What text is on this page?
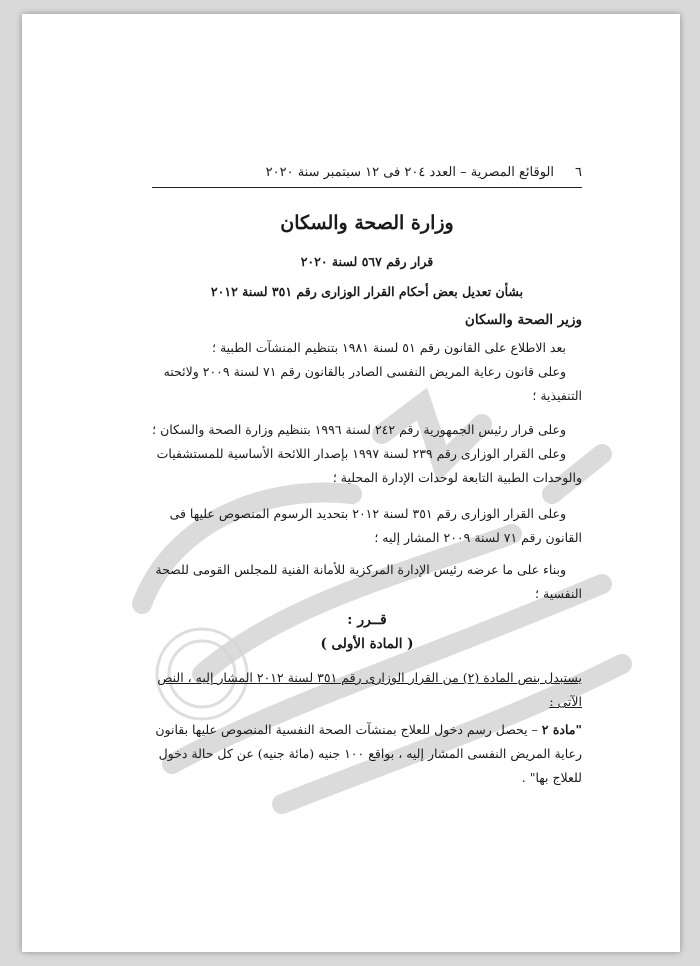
٦
الوقائع المصرية – العدد ٢٠٤ فى ١٢ سبتمبر سنة ٢٠٢٠
وزارة الصحة والسكان
قرار رقم ٥٦٧ لسنة ٢٠٢٠
بشأن تعديل بعض أحكام القرار الوزارى رقم ٣٥١ لسنة ٢٠١٢
وزير الصحة والسكان
بعد الاطلاع على القانون رقم ٥١ لسنة ١٩٨١ بتنظيم المنشآت الطبية ؛
وعلى قانون رعاية المريض النفسى الصادر بالقانون رقم ٧١ لسنة ٢٠٠٩ ولائحته التنفيذية ؛
وعلى قرار رئيس الجمهورية رقم ٢٤٢ لسنة ١٩٩٦ بتنظيم وزارة الصحة والسكان ؛
وعلى القرار الوزارى رقم ٢٣٩ لسنة ١٩٩٧ بإصدار اللائحة الأساسية للمستشفيات والوحدات الطبية التابعة لوحدات الإدارة المحلية ؛
وعلى القرار الوزارى رقم ٣٥١ لسنة ٢٠١٢ بتحديد الرسوم المنصوص عليها فى القانون رقم ٧١ لسنة ٢٠٠٩ المشار إليه ؛
وبناء على ما عرضه رئيس الإدارة المركزية للأمانة الفنية للمجلس القومى للصحة النفسية ؛
قــرر :
( المادة الأولى )
يستبدل بنص المادة (٢) من القرار الوزارى رقم ٣٥١ لسنة ٢٠١٢ المشار إليه ، النص الآتى :
"مادة ٢ – يحصل رسم دخول للعلاج بمنشآت الصحة النفسية المنصوص عليها بقانون رعاية المريض النفسى المشار إليه ، بواقع ١٠٠ جنيه (مائة جنيه) عن كل حالة دخول للعلاج بها" .
